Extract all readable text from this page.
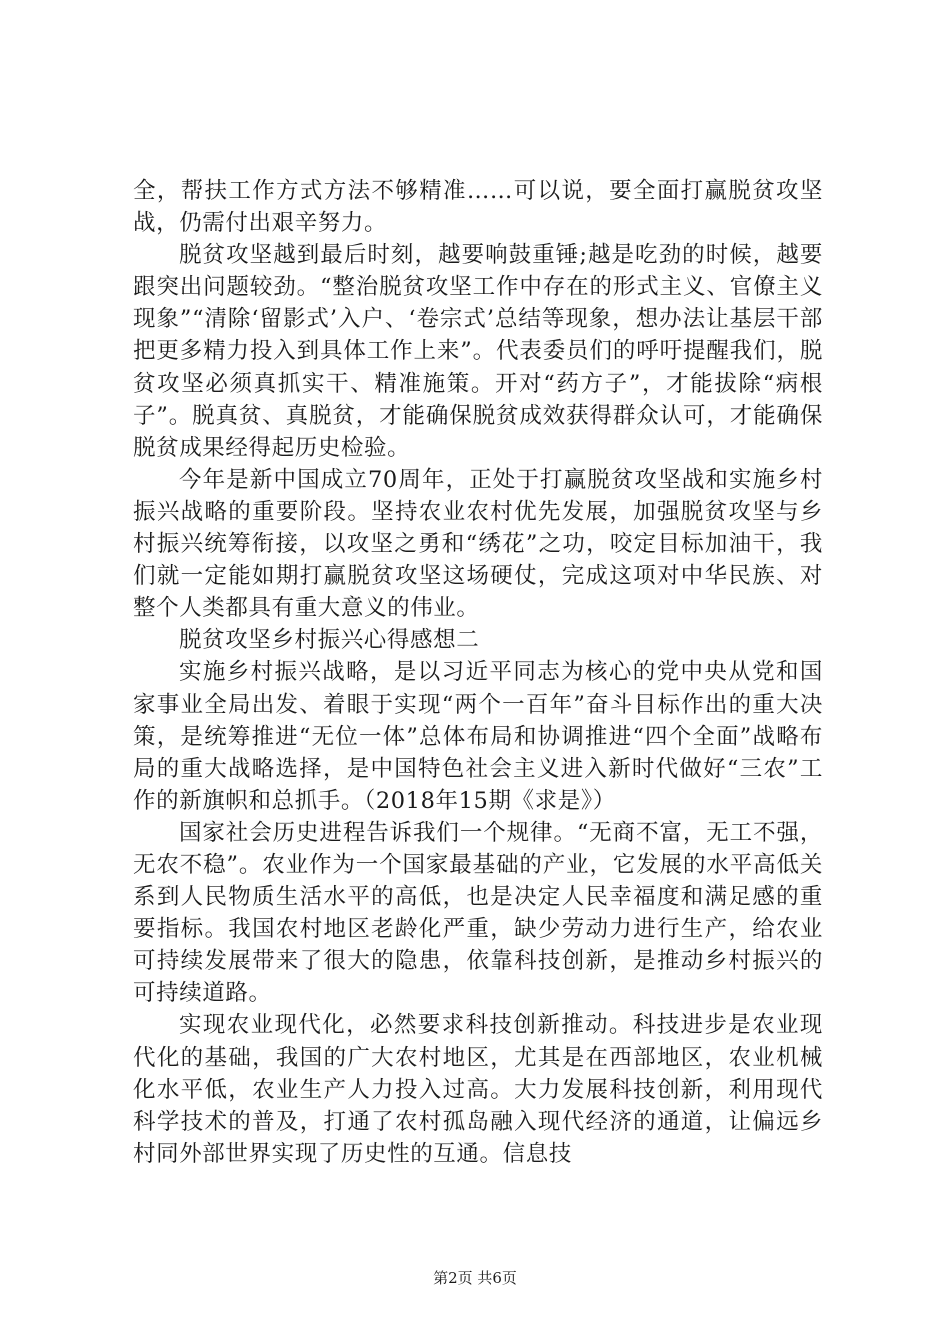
全，帮扶工作方式方法不够精准……可以说，要全面打赢脱贫攻坚战，仍需付出艰辛努力。

脱贫攻坚越到最后时刻，越要响鼓重锤;越是吃劲的时候，越要跟突出问题较劲。“整治脱贫攻坚工作中存在的形式主义、官僚主义现象”“清除‘留影式’入户、‘卷宗式’总结等现象，想办法让基层干部把更多精力投入到具体工作上来”。代表委员们的呼吁提醒我们，脱贫攻坚必须真抓实干、精准施策。开对“药方子”，才能拔除“病根子”。脱真贫、真脱贫，才能确保脱贫成效获得群众认可，才能确保脱贫成果经得起历史检验。

今年是新中国成立70周年，正处于打赢脱贫攻坚战和实施乡村振兴战略的重要阶段。坚持农业农村优先发展，加强脱贫攻坚与乡村振兴统筹衔接，以攻坚之勇和“绣花”之功，咬定目标加油干，我们就一定能如期打赢脱贫攻坚这场硬仗，完成这项对中华民族、对整个人类都具有重大意义的伟业。

脱贫攻坚乡村振兴心得感想二

实施乡村振兴战略，是以习近平同志为核心的党中央从党和国家事业全局出发、着眼于实现“两个一百年”奋斗目标作出的重大决策，是统筹推进“无位一体”总体布局和协调推进“四个全面”战略布局的重大战略选择，是中国特色社会主义进入新时代做好“三农”工作的新旗帜和总抓手。（2018年15期《求是》）

国家社会历史进程告诉我们一个规律。“无商不富，无工不强，无农不稳”。农业作为一个国家最基础的产业，它发展的水平高低关系到人民物质生活水平的高低，也是决定人民幸福度和满足感的重要指标。我国农村地区老龄化严重，缺少劳动力进行生产，给农业可持续发展带来了很大的隐患，依靠科技创新，是推动乡村振兴的可持续道路。

实现农业现代化，必然要求科技创新推动。科技进步是农业现代化的基础，我国的广大农村地区，尤其是在西部地区，农业机械化水平低，农业生产人力投入过高。大力发展科技创新，利用现代科学技术的普及，打通了农村孤岛融入现代经济的通道，让偏远乡村同外部世界实现了历史性的互通。信息技

第2页 共6页
